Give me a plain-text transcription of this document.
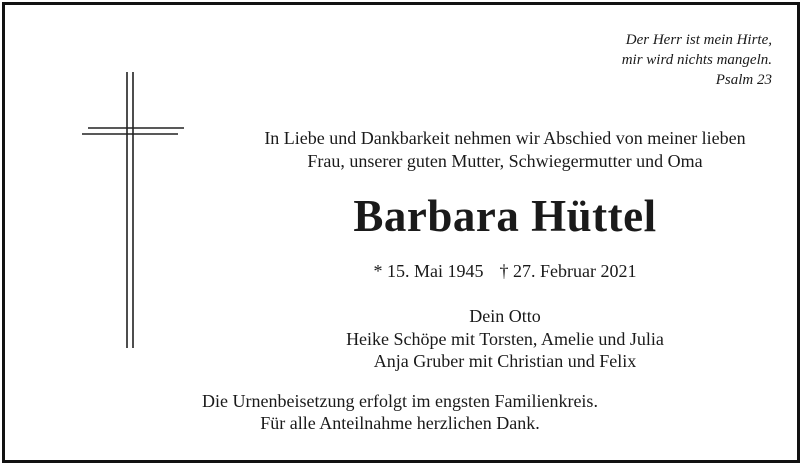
Der Herr ist mein Hirte,
mir wird nichts mangeln.
Psalm 23
In Liebe und Dankbarkeit nehmen wir Abschied von meiner lieben
Frau, unserer guten Mutter, Schwiegermutter und Oma
Barbara Hüttel
* 15. Mai 1945 † 27. Februar 2021
Dein Otto
Heike Schöpe mit Torsten, Amelie und Julia
Anja Gruber mit Christian und Felix
Die Urnenbeisetzung erfolgt im engsten Familienkreis.
Für alle Anteilnahme herzlichen Dank.
